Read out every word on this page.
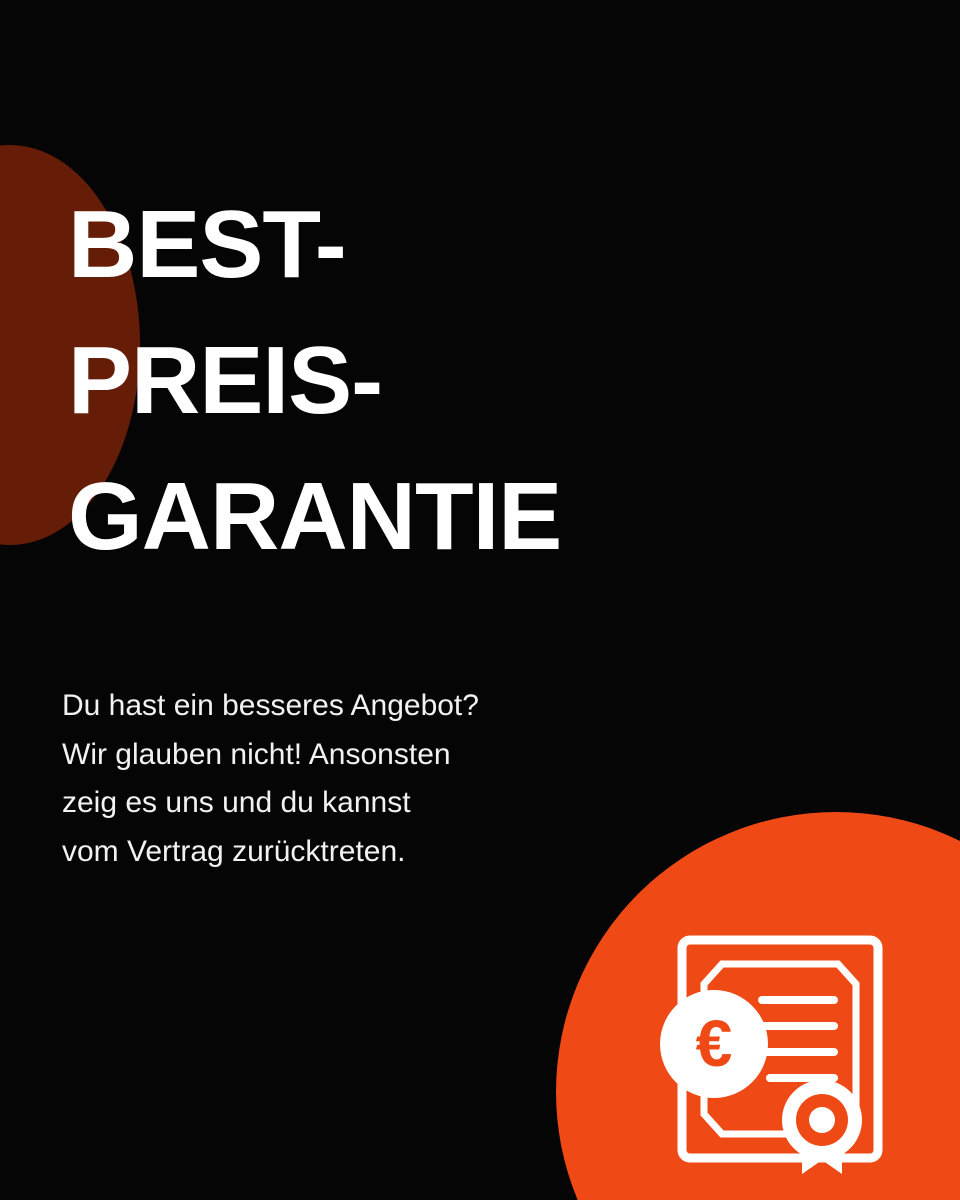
BEST-
PREIS-
GARANTIE
Du hast ein besseres Angebot?
Wir glauben nicht! Ansonsten
zeig es uns und du kannst
vom Vertrag zurücktreten.
€
